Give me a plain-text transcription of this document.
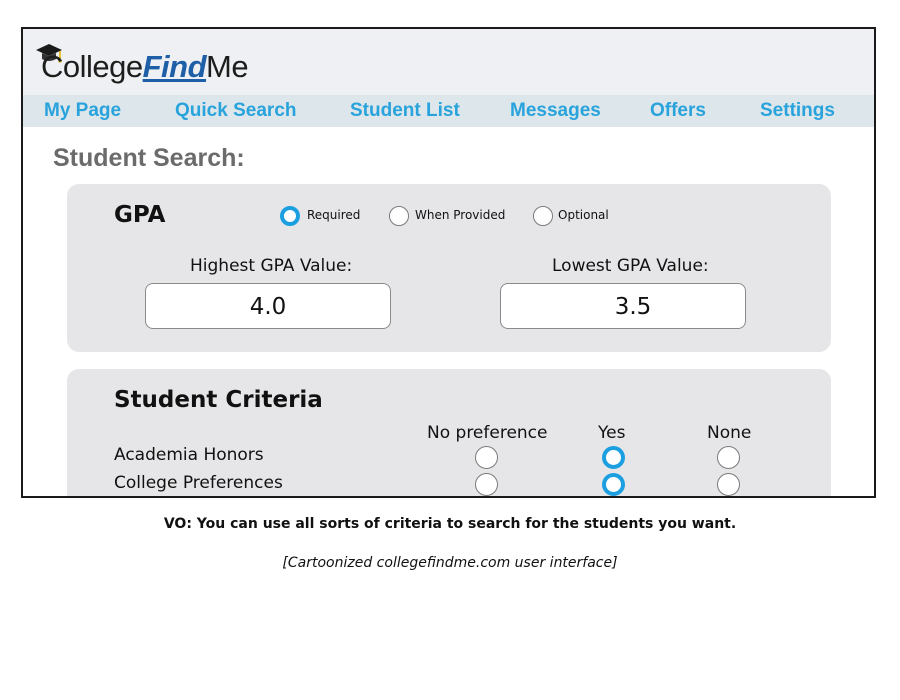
CollegeFindMe
My Page	Quick Search	Student List	Messages	Offers	Settings
Student Search:
GPA	Required	When Provided	Optional
Highest GPA Value:
4.0
Lowest GPA Value:
3.5
Student Criteria
No preference	Yes	None
Academia Honors
College Preferences
VO: You can use all sorts of criteria to search for the students you want.
[Cartoonized collegefindme.com user interface]
